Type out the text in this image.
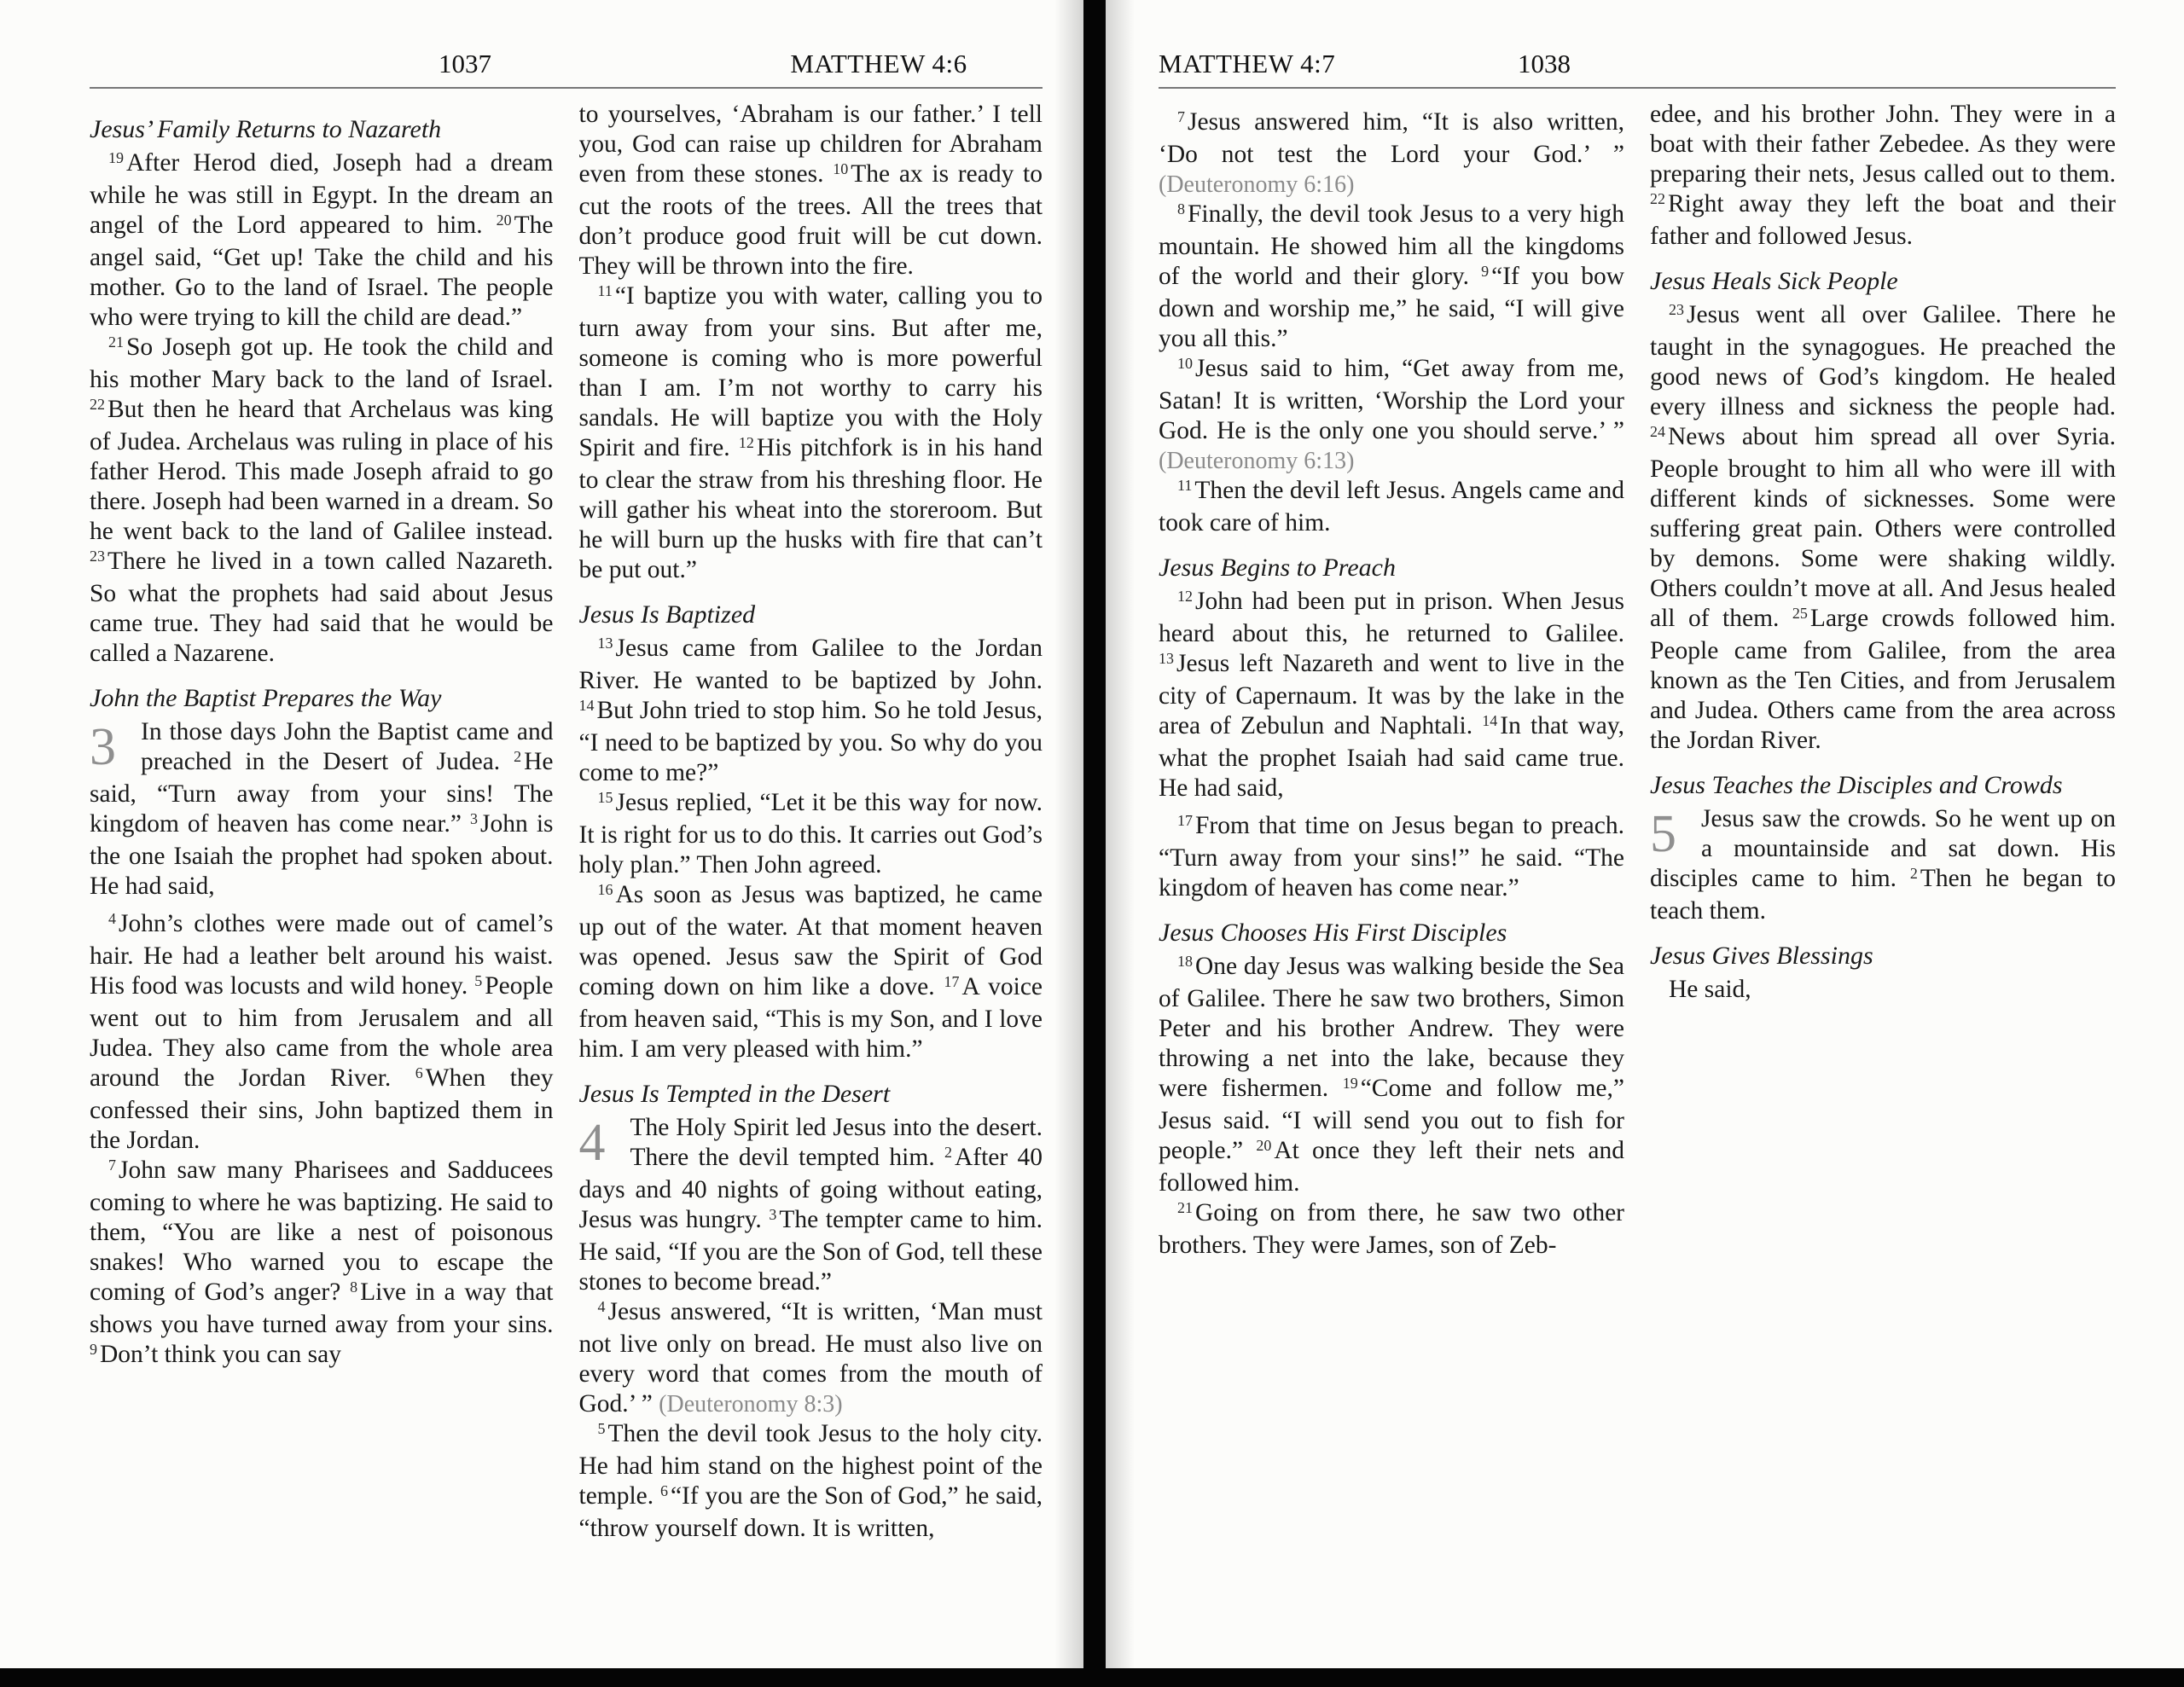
1037	MATTHEW 4:6
Jesus’ Family Returns to Nazareth

$^{19}$ After Herod died, Joseph had a dream while he was still in Egypt. In the dream an angel of the Lord appeared to him. $^{20}$ The angel said, “Get up! Take the child and his mother. Go to the land of Israel. The people who were trying to kill the child are dead.”

$^{21}$ So Joseph got up. He took the child and his mother Mary back to the land of Israel. $^{22}$ But then he heard that Archelaus was king of Judea. Archelaus was ruling in place of his father Herod. This made Joseph afraid to go there. Joseph had been warned in a dream. So he went back to the land of Galilee instead. $^{23}$ There he lived in a town called Nazareth. So what the prophets had said about Jesus came true. They had said that he would be called a Nazarene.

John the Baptist Prepares the Way

3 In those days John the Baptist came and preached in the Desert of Judea. $^2$ He said, “Turn away from your sins! The kingdom of heaven has come near.” $^3$ John is the one Isaiah the prophet had spoken about. He had said,

$^4$ John’s clothes were made out of camel’s hair. He had a leather belt around his waist. His food was locusts and wild honey. $^5$ People went out to him from Jerusalem and all Judea. They also came from the whole area around the Jordan River. $^6$ When they confessed their sins, John baptized them in the Jordan.

$^7$ John saw many Pharisees and Sadducees coming to where he was baptizing. He said to them, “You are like a nest of poisonous snakes! Who warned you to escape the coming of God’s anger? $^8$ Live in a way that shows you have turned away from your sins. $^9$ Don’t think you can say

to yourselves, ‘Abraham is our father.’ I tell you, God can raise up children for Abraham even from these stones. $^{10}$ The ax is ready to cut the roots of the trees. All the trees that don’t produce good fruit will be cut down. They will be thrown into the fire.

$^{11}$ “I baptize you with water, calling you to turn away from your sins. But after me, someone is coming who is more powerful than I am. I’m not worthy to carry his sandals. He will baptize you with the Holy Spirit and fire. $^{12}$ His pitchfork is in his hand to clear the straw from his threshing floor. He will gather his wheat into the storeroom. But he will burn up the husks with fire that can’t be put out.”

Jesus Is Baptized

$^{13}$ Jesus came from Galilee to the Jordan River. He wanted to be baptized by John. $^{14}$ But John tried to stop him. So he told Jesus, “I need to be baptized by you. So why do you come to me?”

$^{15}$ Jesus replied, “Let it be this way for now. It is right for us to do this. It carries out God’s holy plan.” Then John agreed.

$^{16}$ As soon as Jesus was baptized, he came up out of the water. At that moment heaven was opened. Jesus saw the Spirit of God coming down on him like a dove. $^{17}$ A voice from heaven said, “This is my Son, and I love him. I am very pleased with him.”

Jesus Is Tempted in the Desert

4 The Holy Spirit led Jesus into the desert. There the devil tempted him. $^2$ After 40 days and 40 nights of going without eating, Jesus was hungry. $^3$ The tempter came to him. He said, “If you are the Son of God, tell these stones to become bread.”

$^4$ Jesus answered, “It is written, ‘Man must not live only on bread. He must also live on every word that comes from the mouth of God.’ ” (Deuteronomy 8:3)

$^5$ Then the devil took Jesus to the holy city. He had him stand on the highest point of the temple. $^6$ “If you are the Son of God,” he said, “throw yourself down. It is written,

MATTHEW 4:7	1038

$^7$ Jesus answered him, “It is also written, ‘Do not test the Lord your God.’ ” (Deuteronomy 6:16)

$^8$ Finally, the devil took Jesus to a very high mountain. He showed him all the kingdoms of the world and their glory. $^9$ “If you bow down and worship me,” he said, “I will give you all this.”

$^{10}$ Jesus said to him, “Get away from me, Satan! It is written, ‘Worship the Lord your God. He is the only one you should serve.’ ” (Deuteronomy 6:13)

$^{11}$ Then the devil left Jesus. Angels came and took care of him.

Jesus Begins to Preach

$^{12}$ John had been put in prison. When Jesus heard about this, he returned to Galilee. $^{13}$ Jesus left Nazareth and went to live in the city of Capernaum. It was by the lake in the area of Zebulun and Naphtali. $^{14}$ In that way, what the prophet Isaiah had said came true. He had said,

$^{17}$ From that time on Jesus began to preach. “Turn away from your sins!” he said. “The kingdom of heaven has come near.”

Jesus Chooses His First Disciples

$^{18}$ One day Jesus was walking beside the Sea of Galilee. There he saw two brothers, Simon Peter and his brother Andrew. They were throwing a net into the lake, because they were fishermen. $^{19}$ “Come and follow me,” Jesus said. “I will send you out to fish for people.” $^{20}$ At once they left their nets and followed him.

$^{21}$ Going on from there, he saw two other brothers. They were James, son of Zeb-

edee, and his brother John. They were in a boat with their father Zebedee. As they were preparing their nets, Jesus called out to them. $^{22}$ Right away they left the boat and their father and followed Jesus.

Jesus Heals Sick People

$^{23}$ Jesus went all over Galilee. There he taught in the synagogues. He preached the good news of God’s kingdom. He healed every illness and sickness the people had. $^{24}$ News about him spread all over Syria. People brought to him all who were ill with different kinds of sicknesses. Some were suffering great pain. Others were controlled by demons. Some were shaking wildly. Others couldn’t move at all. And Jesus healed all of them. $^{25}$ Large crowds followed him. People came from Galilee, from the area known as the Ten Cities, and from Jerusalem and Judea. Others came from the area across the Jordan River.

Jesus Teaches the Disciples and Crowds

5 Jesus saw the crowds. So he went up on a mountainside and sat down. His disciples came to him. $^2$ Then he began to teach them.

Jesus Gives Blessings

He said,
